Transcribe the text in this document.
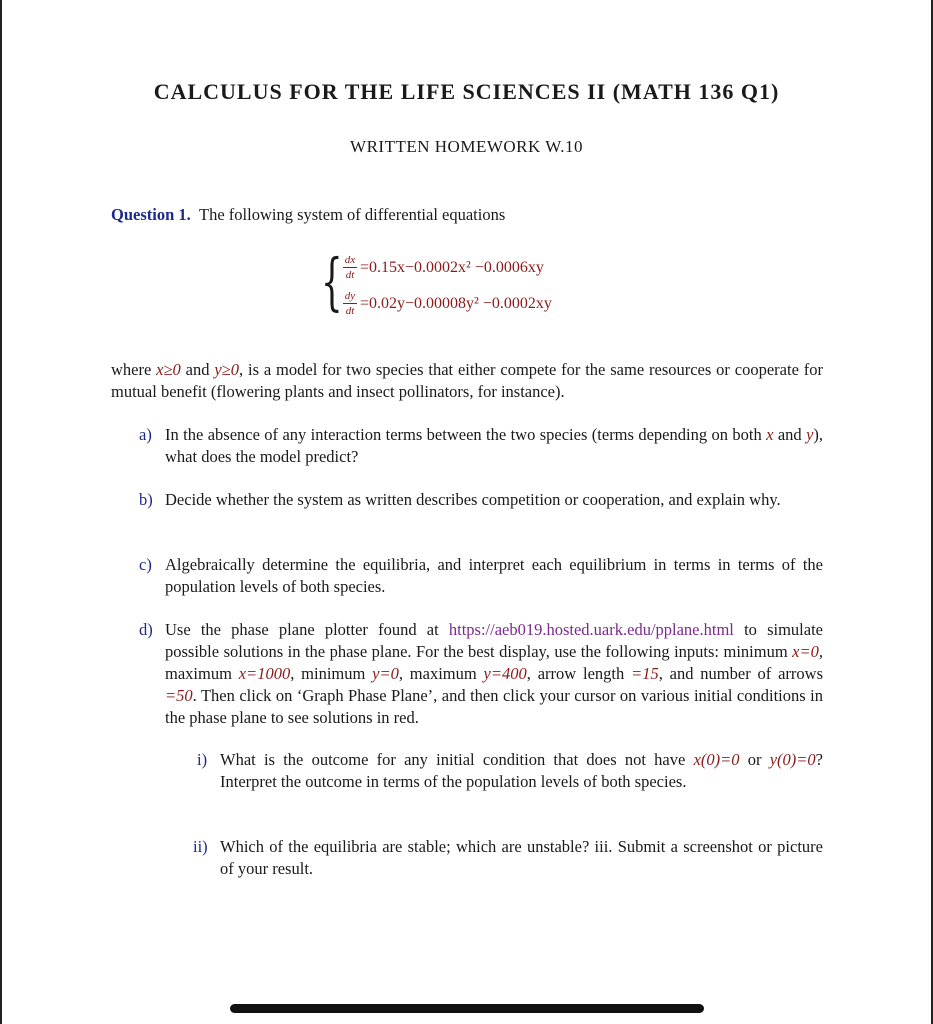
CALCULUS FOR THE LIFE SCIENCES II (MATH 136 Q1)
WRITTEN HOMEWORK W.10
Question 1. The following system of differential equations
{ $\frac{dx}{dt} =0.15x-0.0002x^2 -0.0006xy$
$\frac{dy}{dt} =0.02y-0.00008y^2 -0.0002xy$
where x≥0 and y≥0, is a model for two species that either compete for the same resources or cooperate for mutual benefit (flowering plants and insect pollinators, for instance).
a) In the absence of any interaction terms between the two species (terms depending on both x and y), what does the model predict?
b) Decide whether the system as written describes competition or cooperation, and explain why.
c) Algebraically determine the equilibria, and interpret each equilibrium in terms in terms of the population levels of both species.
d) Use the phase plane plotter found at https://aeb019.hosted.uark.edu/pplane.html to simulate possible solutions in the phase plane. For the best display, use the following inputs: minimum x=0, maximum x=1000, minimum y=0, maximum y=400, arrow length =15, and number of arrows =50. Then click on ‘Graph Phase Plane’, and then click your cursor on various initial conditions in the phase plane to see solutions in red.
i) What is the outcome for any initial condition that does not have x(0)=0 or y(0)=0? Interpret the outcome in terms of the population levels of both species.
ii) Which of the equilibria are stable; which are unstable? iii. Submit a screenshot or picture of your result.
